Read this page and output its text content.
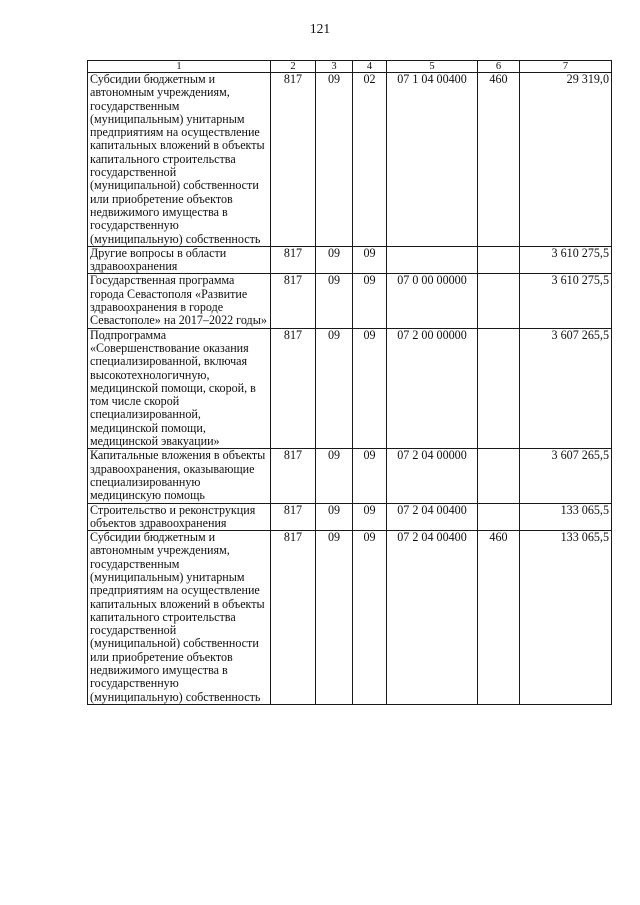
121
1	2	3	4	5	6	7
Субсидии бюджетным и автономным учреждениям, государственным (муниципальным) унитарным предприятиям на осуществление капитальных вложений в объекты капитального строительства государственной (муниципальной) собственности или приобретение объектов недвижимого имущества в государственную (муниципальную) собственность	817	09	02	07 1 04 00400	460	29 319,0
Другие вопросы в области здравоохранения	817	09	09			3 610 275,5
Государственная программа города Севастополя «Развитие здравоохранения в городе Севастополе» на 2017–2022 годы»	817	09	09	07 0 00 00000		3 610 275,5
Подпрограмма «Совершенствование оказания специализированной, включая высокотехнологичную, медицинской помощи, скорой, в том числе скорой специализированной, медицинской помощи, медицинской эвакуации»	817	09	09	07 2 00 00000		3 607 265,5
Капитальные вложения в объекты здравоохранения, оказывающие специализированную медицинскую помощь	817	09	09	07 2 04 00000		3 607 265,5
Строительство и реконструкция объектов здравоохранения	817	09	09	07 2 04 00400		133 065,5
Субсидии бюджетным и автономным учреждениям, государственным (муниципальным) унитарным предприятиям на осуществление капитальных вложений в объекты капитального строительства государственной (муниципальной) собственности или приобретение объектов недвижимого имущества в государственную (муниципальную) собственность	817	09	09	07 2 04 00400	460	133 065,5
